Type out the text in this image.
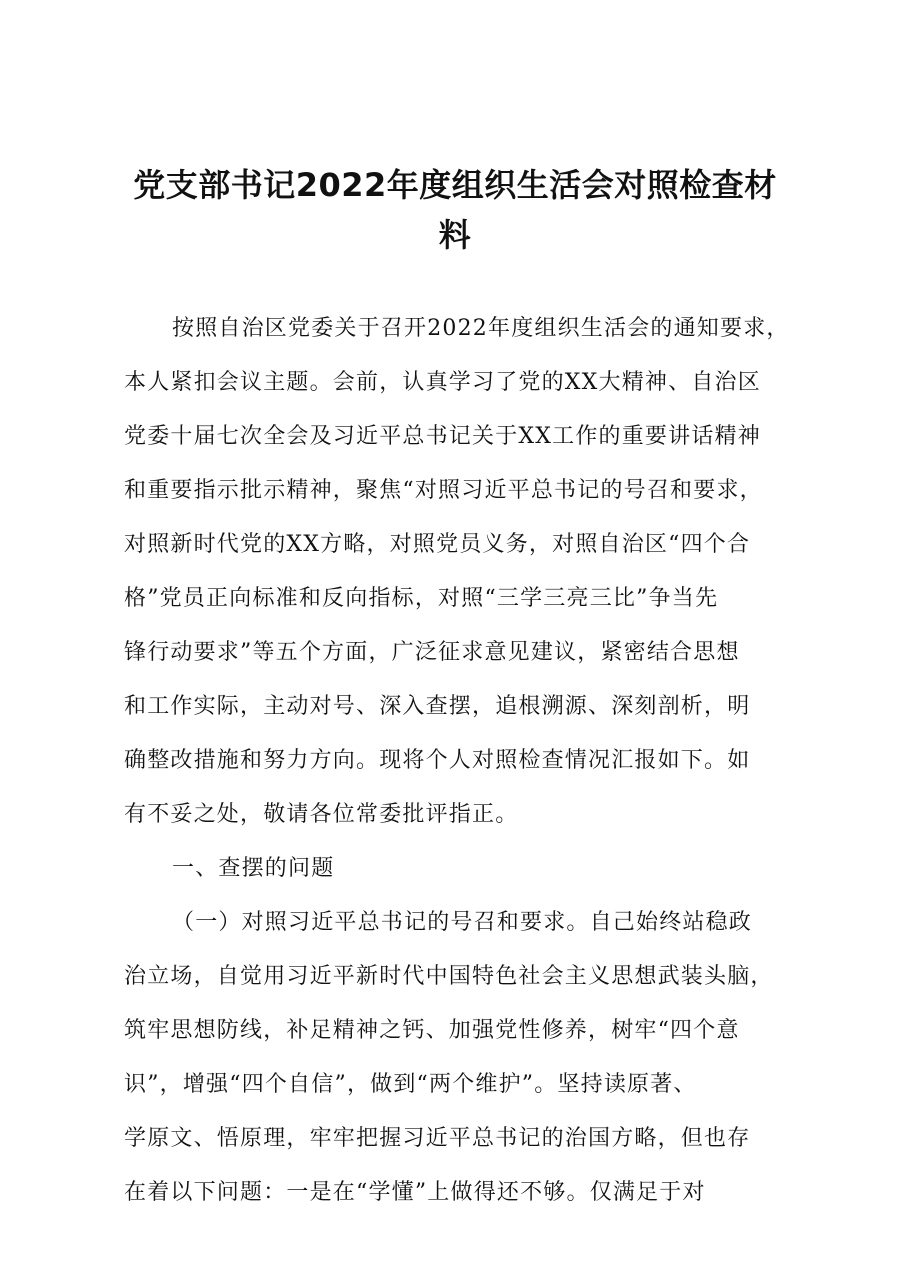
党支部书记2022年度组织生活会对照检查材
料
按照自治区党委关于召开2022年度组织生活会的通知要求，
本人紧扣会议主题。会前，认真学习了党的XX大精神、自治区
党委十届七次全会及习近平总书记关于XX工作的重要讲话精神
和重要指示批示精神，聚焦“对照习近平总书记的号召和要求，
对照新时代党的XX方略，对照党员义务，对照自治区“四个合
格”党员正向标准和反向指标，对照“三学三亮三比”争当先
锋行动要求”等五个方面，广泛征求意见建议，紧密结合思想
和工作实际，主动对号、深入查摆，追根溯源、深刻剖析，明
确整改措施和努力方向。现将个人对照检查情况汇报如下。如
有不妥之处，敬请各位常委批评指正。
一、查摆的问题
（一）对照习近平总书记的号召和要求。自己始终站稳政
治立场，自觉用习近平新时代中国特色社会主义思想武装头脑，
筑牢思想防线，补足精神之钙、加强党性修养，树牢“四个意
识”，增强“四个自信”，做到“两个维护”。坚持读原著、
学原文、悟原理，牢牢把握习近平总书记的治国方略，但也存
在着以下问题：一是在“学懂”上做得还不够。仅满足于对
